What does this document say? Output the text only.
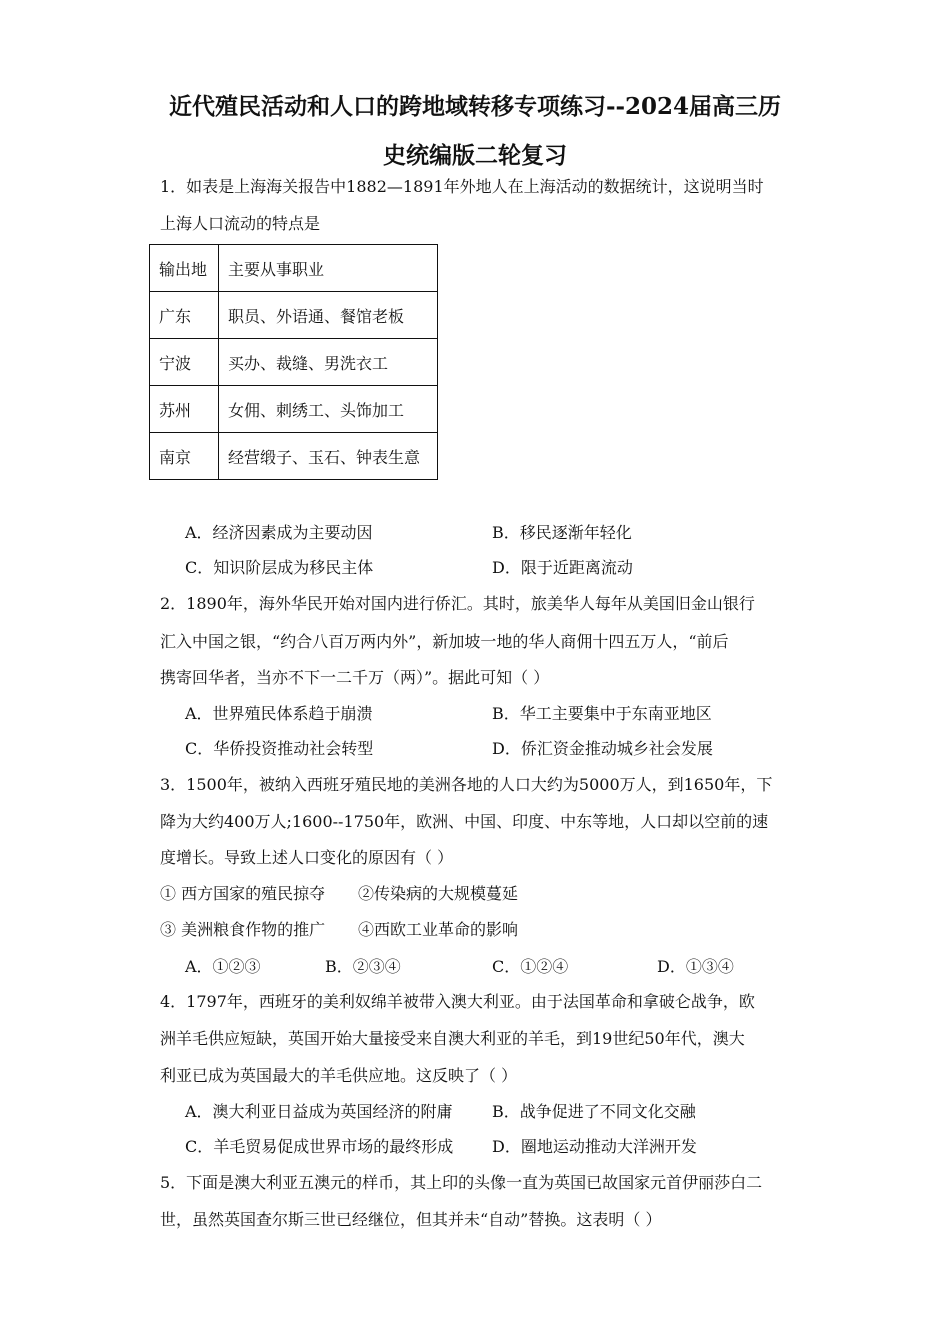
近代殖民活动和人口的跨地域转移专项练习--2024届高三历
史统编版二轮复习
1．如表是上海海关报告中1882—1891年外地人在上海活动的数据统计，这说明当时
上海人口流动的特点是
输出地	主要从事职业
广东	职员、外语通、餐馆老板
宁波	买办、裁缝、男洗衣工
苏州	女佣、刺绣工、头饰加工
南京	经营缎子、玉石、钟表生意
A．经济因素成为主要动因	B．移民逐渐年轻化
C．知识阶层成为移民主体	D．限于近距离流动
2．1890年，海外华民开始对国内进行侨汇。其时，旅美华人每年从美国旧金山银行
汇入中国之银，“约合八百万两内外”，新加坡一地的华人商佣十四五万人，“前后
携寄回华者，当亦不下一二千万（两）”。据此可知（ ）
A．世界殖民体系趋于崩溃	B．华工主要集中于东南亚地区
C．华侨投资推动社会转型	D．侨汇资金推动城乡社会发展
3．1500年，被纳入西班牙殖民地的美洲各地的人口大约为5000万人，到1650年，下
降为大约400万人;1600--1750年，欧洲、中国、印度、中东等地，人口却以空前的速
度增长。导致上述人口变化的原因有（ ）
① 西方国家的殖民掠夺 ②传染病的大规模蔓延
③ 美洲粮食作物的推广 ④西欧工业革命的影响
A．①②③	B．②③④	C．①②④	D．①③④
4．1797年，西班牙的美利奴绵羊被带入澳大利亚。由于法国革命和拿破仑战争，欧
洲羊毛供应短缺，英国开始大量接受来自澳大利亚的羊毛，到19世纪50年代，澳大
利亚已成为英国最大的羊毛供应地。这反映了（ ）
A．澳大利亚日益成为英国经济的附庸 B．战争促进了不同文化交融
C．羊毛贸易促成世界市场的最终形成 D．圈地运动推动大洋洲开发
5．下面是澳大利亚五澳元的样币，其上印的头像一直为英国已故国家元首伊丽莎白二
世，虽然英国查尔斯三世已经继位，但其并未“自动”替换。这表明（ ）
